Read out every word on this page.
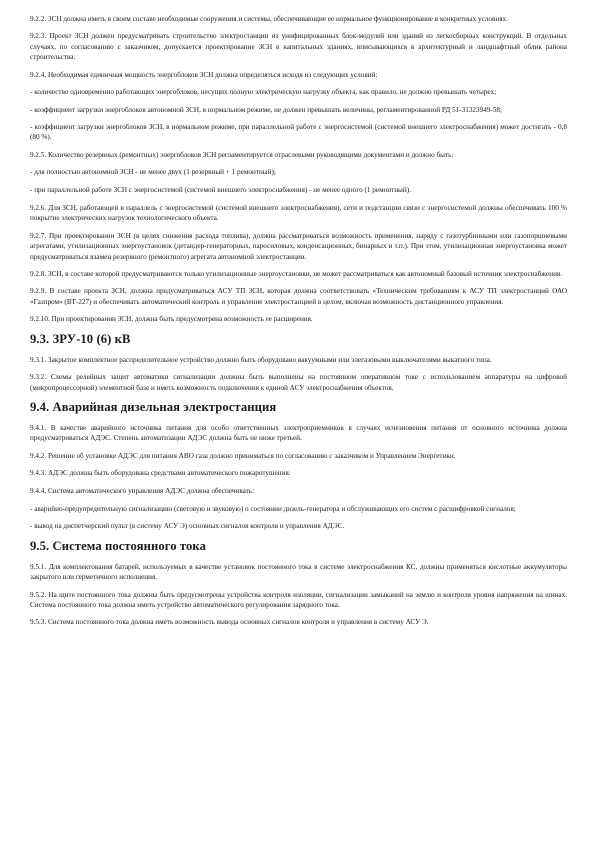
9.2.2. ЗСН должна иметь в своем составе необходимые сооружения и системы, обеспечивающие ее нормальное функционирование в конкретных условиях.

9.2.3. Проект ЗСН должен предусматривать строительство электростанции из унифицированных блок-модулей или зданий из легкосборных конструкций. В отдельных случаях, по согласованию с заказчиком, допускается проектирование ЗСН в капитальных зданиях, вписывающихся в архитектурный и ландшафтный облик района строительства.

9.2.4. Необходимая единичная мощность энергоблоков ЗСН должна определяться исходя из следующих условий:

- количество одновременно работающих энергоблоков, несущих полную электрическую нагрузку объекта, как правило, не должно превышать четырех;

- коэффициент загрузки энергоблоков автономной ЗСН, в нормальном режиме, не должен превышать величины, регламентированной РД 51-31323949-58;

- коэффициент загрузки энергоблоков ЗСН, в нормальном режиме, при параллельной работе с энергосистемой (системой внешнего электроснабжения) может достигать - 0,8 (80 %).

9.2.5. Количество резервных (ремонтных) энергоблоков ЗСН регламентируется отраслевыми руководящими документами и должно быть:

- для полностью автономной ЗСН - не менее двух (1 резервный + 1 ремонтный);

- при параллельной работе ЗСН с энергосистемой (системой внешнего электроснабжения) - не менее одного (1 ремонтный).

9.2.6. Для ЗСН, работающей в параллель с энергосистемой (системой внешнего электроснабжения), сети и подстанции связи с энергосистемой должны обеспечивать 100 % покрытие электрических нагрузок технологического объекта.

9.2.7. При проектировании ЗСН (в целях снижения расхода топлива), должна рассматриваться возможность применения, наряду с газотурбинными или газопоршневыми агрегатами, утилизационных энергоустановок (детандер-генераторных, паросиловых, конденсационных, бинарных и т.п.). При этом, утилизационная энергоустановка может предусматриваться взамен резервного (ремонтного) агрегата автономной электростанции.

9.2.8. ЗСН, в составе которой предусматриваются только утилизационные энергоустановки, не может рассматриваться как автономный базовый источник электроснабжения.

9.2.9. В составе проекта ЗСН, должна предусматриваться АСУ ТП ЗСН, которая должна соответствовать «Техническим требованиям к АСУ ТП электростанций ОАО «Газпром» (ВТ-227) и обеспечивать автоматический контроль и управление электростанцией в целом, включая возможность дистанционного управления.

9.2.10. При проектировании ЗСН, должна быть предусмотрена возможность ее расширения.

9.3. ЗРУ-10 (6) кВ

9.3.1. Закрытое комплектное распределительное устройство должно быть оборудовано вакуумными или элегазовыми выключателями выкатного типа.

9.3.2. Схемы релейных защит автоматики сигнализации должны быть выполнены на постоянном оперативном токе с использованием аппаратуры на цифровой (микропроцессорной) элементной базе и иметь возможность подключения к единой АСУ электроснабжения объектов.

9.4. Аварийная дизельная электростанция

9.4.1. В качестве аварийного источника питания для особо ответственных электроприемников в случаях исчезновения питания от основного источника должна предусматриваться АДЭС. Степень автоматизации АДЭС должна быть не ниже третьей.

9.4.2. Решение об установке АДЭС для питания АВО газа должно приниматься по согласованию с заказчиком и Управлением Энергетики.

9.4.3. АДЭС должна быть оборудована средствами автоматического пожаротушения.

9.4.4. Система автоматического управления АДЭС должна обеспечивать:

- аварийно-предупредительную сигнализацию (световую и звуковую) о состоянии дизель-генератора и обслуживающих его систем с расшифровкой сигналов;

- вывод на диспетчерский пульт (в систему АСУ Э) основных сигналов контроля и управления АДЭС.

9.5. Система постоянного тока

9.5.1. Для комплектования батарей, используемых в качестве установок постоянного тока в системе электроснабжения КС, должны применяться кислотные аккумуляторы закрытого или герметичного исполнения.

9.5.2. На щите постоянного тока должны быть предусмотрены устройства контроля изоляции, сигнализации замыканий на землю и контроля уровня напряжения на шинах. Система постоянного тока должна иметь устройство автоматического регулирования зарядного тока.

9.5.3. Система постоянного тока должна иметь возможность вывода основных сигналов контроля и управления в систему АСУ Э.
